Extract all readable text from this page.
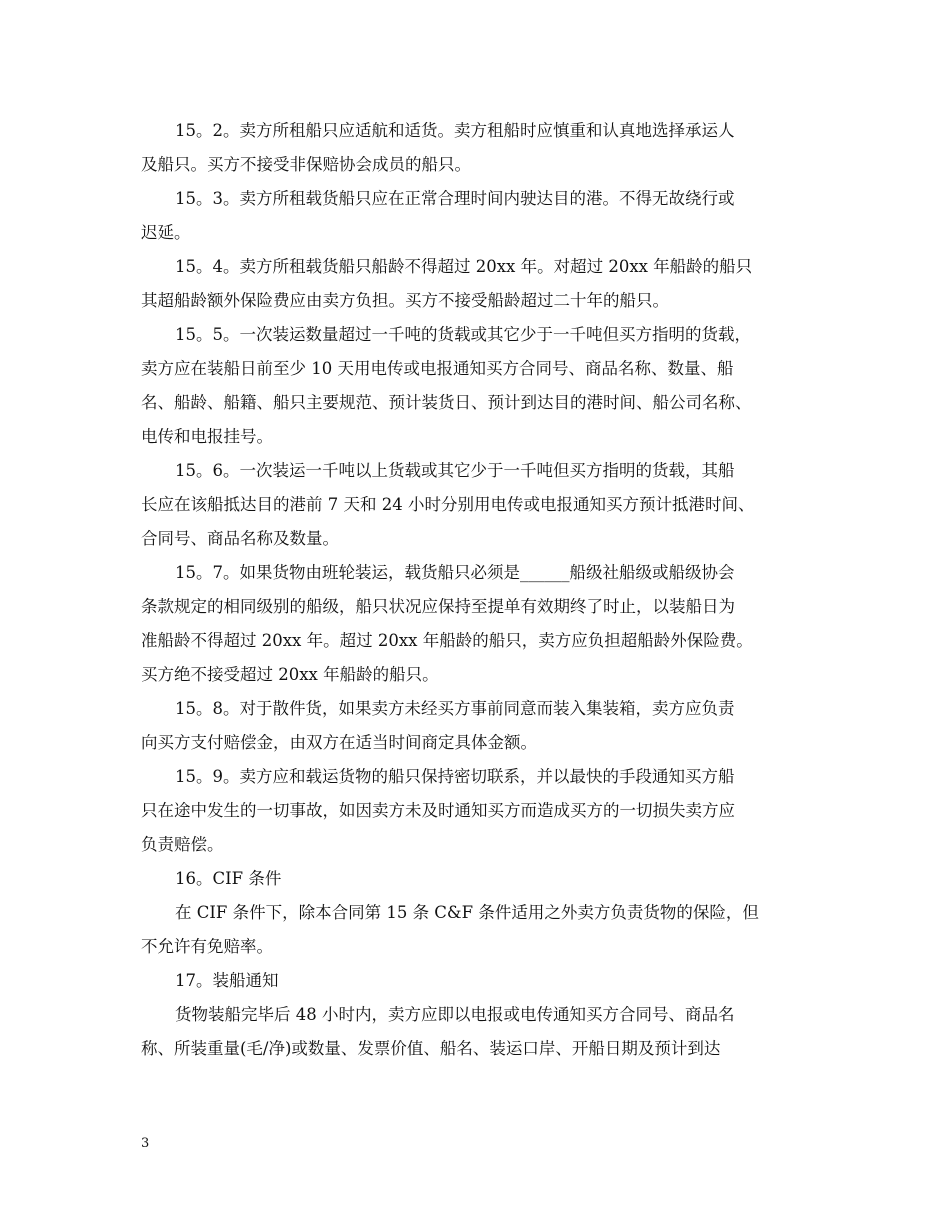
15。2。卖方所租船只应适航和适货。卖方租船时应慎重和认真地选择承运人
及船只。买方不接受非保赔协会成员的船只。
15。3。卖方所租载货船只应在正常合理时间内驶达目的港。不得无故绕行或
迟延。
15。4。卖方所租载货船只船龄不得超过 20xx 年。对超过 20xx 年船龄的船只
其超船龄额外保险费应由卖方负担。买方不接受船龄超过二十年的船只。
15。5。一次装运数量超过一千吨的货载或其它少于一千吨但买方指明的货载，
卖方应在装船日前至少 10 天用电传或电报通知买方合同号、商品名称、数量、船
名、船龄、船籍、船只主要规范、预计装货日、预计到达目的港时间、船公司名称、
电传和电报挂号。
15。6。一次装运一千吨以上货载或其它少于一千吨但买方指明的货载，其船
长应在该船抵达目的港前 7 天和 24 小时分别用电传或电报通知买方预计抵港时间、
合同号、商品名称及数量。
15。7。如果货物由班轮装运，载货船只必须是______船级社船级或船级协会
条款规定的相同级别的船级，船只状况应保持至提单有效期终了时止，以装船日为
准船龄不得超过 20xx 年。超过 20xx 年船龄的船只，卖方应负担超船龄外保险费。
买方绝不接受超过 20xx 年船龄的船只。
15。8。对于散件货，如果卖方未经买方事前同意而装入集装箱，卖方应负责
向买方支付赔偿金，由双方在适当时间商定具体金额。
15。9。卖方应和载运货物的船只保持密切联系，并以最快的手段通知买方船
只在途中发生的一切事故，如因卖方未及时通知买方而造成买方的一切损失卖方应
负责赔偿。
16。CIF 条件
在 CIF 条件下，除本合同第 15 条 C&F 条件适用之外卖方负责货物的保险，但
不允许有免赔率。
17。装船通知
货物装船完毕后 48 小时内，卖方应即以电报或电传通知买方合同号、商品名
称、所装重量(毛/净)或数量、发票价值、船名、装运口岸、开船日期及预计到达
3
